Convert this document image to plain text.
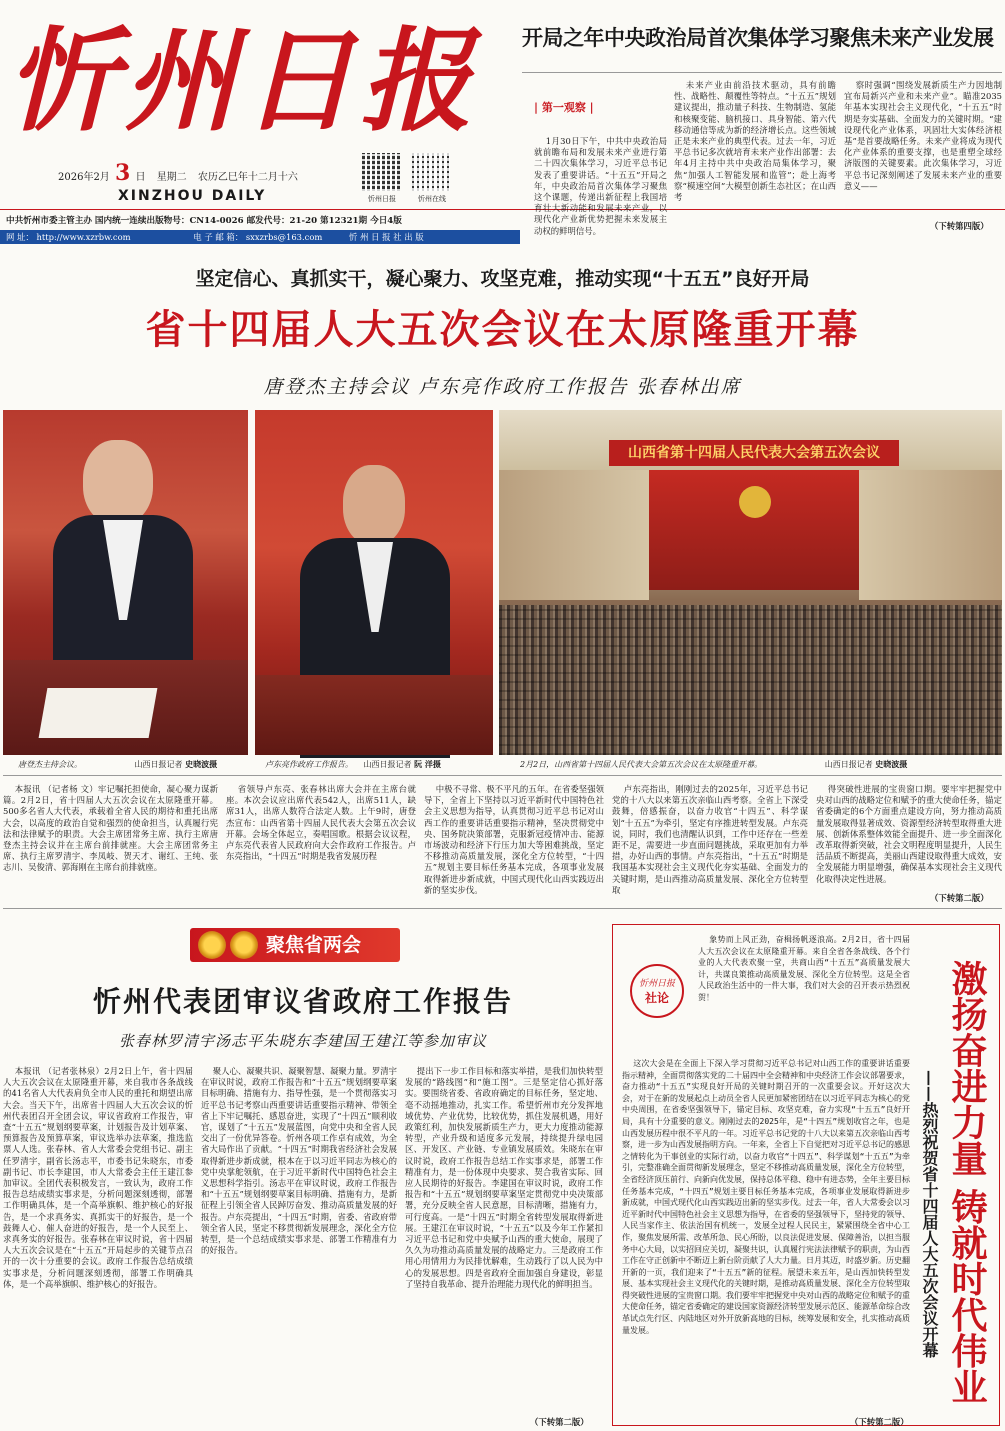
忻州日报
2026年2月 3 日 星期二 农历乙巳年十二月十六
XINZHOU DAILY	忻州日报	忻州在线
中共忻州市委主管主办 国内统一连续出版物号：CN14-0026 邮发代号：21-20 第12321期 今日4版
网 址： http://www.xzrbw.com	电 子 邮 箱： sxxzrbs@163.com	忻 州 日 报 社 出 版
开局之年中央政治局首次集体学习聚焦未来产业发展
| 第一观察 |

1月30日下午，中共中央政治局就前瞻布局和发展未来产业进行第二十四次集体学习，习近平总书记发表了重要讲话。“十五五”开局之年，中央政治局首次集体学习聚焦这个课题，传递出新征程上我国培育壮大新动能和发展未来产业，以现代化产业新优势把握未来发展主动权的鲜明信号。

未来产业由前沿技术驱动，具有前瞻性、战略性、颠覆性等特点。“十五五”规划建议提出，推动量子科技、生物制造、氢能和核聚变能、脑机接口、具身智能、第六代移动通信等成为新的经济增长点。这些领域正是未来产业的典型代表。过去一年，习近平总书记多次就培育未来产业作出部署：去年4月主持中共中央政治局集体学习，聚焦“加强人工智能发展和监管”；赴上海考察“模速空间”大模型创新生态社区；在山西考

察时强调“围绕发展新质生产力因地制宜布局新兴产业和未来产业”。瞄准2035年基本实现社会主义现代化，“十五五”时期是夯实基础、全面发力的关键时期。“建设现代化产业体系，巩固壮大实体经济根基”是首要战略任务。未来产业将成为现代化产业体系的重要支撑，也是重塑全球经济版图的关键要素。此次集体学习，习近平总书记深刻阐述了发展未来产业的重要意义——

（下转第四版）
坚定信心、真抓实干，凝心聚力、攻坚克难，推动实现“十五五”良好开局
省十四届人大五次会议在太原隆重开幕
唐登杰主持会议 卢东亮作政府工作报告 张春林出席
山西省第十四届人民代表大会第五次会议
唐登杰主持会议。	山西日报记者 史晓波摄	卢东亮作政府工作报告。 山西日报记者 阮 洋摄	2月2日，山西省第十四届人民代表大会第五次会议在太原隆重开幕。	山西日报记者 史晓波摄

本报讯 （记者杨 文）牢记嘱托担使命，凝心聚力谋新篇。2月2日，省十四届人大五次会议在太原隆重开幕。500多名省人大代表，承载着全省人民的期待和重托出席大会，以高度的政治自觉和强烈的使命担当，认真履行宪法和法律赋予的职责。大会主席团常务主席、执行主席唐登杰主持会议并在主席台前排就座。大会主席团常务主席、执行主席罗清宇、李凤岐、贺天才、谢红、王纯、张志川、吴俊清、郭海刚在主席台前排就座。

省领导卢东亮、张春林出席大会并在主席台就座。本次会议应出席代表542人，出席511人，缺席31人，出席人数符合法定人数。上午9时，唐登杰宣布：山西省第十四届人民代表大会第五次会议开幕。会场全体起立，奏唱国歌。根据会议议程，卢东亮代表省人民政府向大会作政府工作报告。卢东亮指出，“十四五”时期是我省发展历程

中极不寻常、极不平凡的五年。在省委坚强领导下，全省上下坚持以习近平新时代中国特色社会主义思想为指导，认真贯彻习近平总书记对山西工作的重要讲话重要指示精神，坚决贯彻党中央、国务院决策部署，克服新冠疫情冲击、能源市场波动和经济下行压力加大等困难挑战，坚定不移推动高质量发展，深化全方位转型，“十四五”规划主要目标任务基本完成，各项事业发展取得新进步新成就，中国式现代化山西实践迈出新的坚实步伐。

卢东亮指出，刚刚过去的2025年，习近平总书记党的十八大以来第五次亲临山西考察。全省上下深受鼓舞，倍感振奋，以奋力收官“十四五”、科学谋划“十五五”为牵引，坚定有序推进转型发展。卢东亮说，同时，我们也清醒认识到，工作中还存在一些差距不足，需要进一步直面问题挑战，采取更加有力举措，办好山西的事情。卢东亮指出，“十五五”时期是我国基本实现社会主义现代化夯实基础、全面发力的关键时期，是山西推动高质量发展、深化全方位转型取

得突破性进展的宝贵窗口期。要牢牢把握党中央对山西的战略定位和赋予的重大使命任务，锚定省委确定的6个方面重点建设方向，努力推动高质量发展取得显著成效、资源型经济转型取得重大进展、创新体系整体效能全面提升、进一步全面深化改革取得新突破，社会文明程度明显提升，人民生活品质不断提高，美丽山西建设取得重大成效，安全发展能力明显增强，确保基本实现社会主义现代化取得决定性进展。

（下转第二版）
聚焦省两会
忻州代表团审议省政府工作报告
张春林罗清宇汤志平朱晓东李建国王建江等参加审议

本报讯 （记者张林泉）2月2日上午，省十四届人大五次会议在太原隆重开幕，来自我市各条战线的41名省人大代表肩负全市人民的重托和期望出席大会。当天下午，出席省十四届人大五次会议的忻州代表团召开全团会议，审议省政府工作报告，审查“十五五”规划纲要草案，计划报告及计划草案、预算报告及预算草案，审议选举办法草案，推选监票人人选。张春林、省人大常委会党组书记、副主任罗清宇，副省长汤志平，市委书记朱晓东，市委副书记、市长李建国，市人大常委会主任王建江参加审议。全团代表积极发言，一致认为，政府工作报告总结成绩实事求是，分析问题深刻透彻，部署工作明确具体，是一个高举旗帜、维护核心的好报告，是一个求真务实、真抓实干的好报告，是一个鼓舞人心、催人奋进的好报告，是一个人民至上、求真务实的好报告。张春林在审议时说，省十四届人大五次会议是在“十五五”开局起步的关键节点召开的一次十分重要的会议。政府工作报告总结成绩实事求是，分析问题深刻透彻，部署工作明确具体，是一个高举旗帜、维护核心的好报告。

聚人心、凝聚共识、凝聚智慧、凝聚力量。罗清宇在审议时说，政府工作报告和“十五五”规划纲要草案目标明确、措施有力、指导性强，是一个贯彻落实习近平总书记考察山西重要讲话重要指示精神、带领全省上下牢记嘱托、感恩奋进，实现了“十四五”顺利收官，谋划了“十五五”发展蓝图，向党中央和全省人民交出了一份优异答卷。忻州各项工作卓有成效，为全省大局作出了贡献。“十四五”时期我省经济社会发展取得新进步新成就，根本在于以习近平同志为核心的党中央掌舵领航，在于习近平新时代中国特色社会主义思想科学指引。汤志平在审议时说，政府工作报告和“十五五”规划纲要草案目标明确、措施有力，是新征程上引领全省人民踔厉奋发、推动高质量发展的好报告。卢东亮提出，“十四五”时期，省委、省政府带领全省人民，坚定不移贯彻新发展理念，深化全方位转型，是一个总结成绩实事求是、部署工作精准有力的好报告。

提出下一步工作目标和落实举措，是我们加快转型发展的“路线图”和“施工图”。三是坚定信心抓好落实。要围绕省委、省政府确定的目标任务，坚定地、毫不动摇地推动，扎实工作。希望忻州市充分发挥地域优势、产业优势，比较优势，抓住发展机遇，用好政策红利，加快发展新质生产力，更大力度推动能源转型，产业升级和适度多元发展，持续提升绿电园区、开发区、产业链、专业镇发展质效。朱晓东在审议时说，政府工作报告总结工作实事求是，部署工作精准有力，是一份体现中央要求、契合我省实际、回应人民期待的好报告。李建国在审议时说，政府工作报告和“十五五”规划纲要草案坚定贯彻党中央决策部署，充分反映全省人民意愿，目标清晰，措施有力，可行度高。一是“十四五”时期全省转型发展取得新进展。王建江在审议时说，“十五五”以及今年工作紧扣习近平总书记和党中央赋予山西的重大使命，展现了久久为功推动高质量发展的战略定力。三是政府工作用心用情用力为民排忧解难，生动践行了以人民为中心的发展思想。四是省政府全面加强自身建设，彰显了坚持自我革命、提升治理能力现代化的鲜明担当。

（下转第二版）
忻州日报
社论

象势而上风正劲，奋楫扬帆逐浪高。2月2日，省十四届人大五次会议在太原隆重开幕。来自全省各条战线、各个行业的人大代表欢聚一堂，共商山西“十五五”高质量发展大计，共谋良策推动高质量发展、深化全方位转型。这是全省人民政治生活中的一件大事，我们对大会的召开表示热烈祝贺！

这次大会是在全面上下深入学习贯彻习近平总书记对山西工作的重要讲话重要指示精神，全面贯彻落实党的二十届四中全会精神和中央经济工作会议部署要求，奋力推动“十五五”实现良好开局的关键时期召开的一次重要会议。开好这次大会，对于在新的发展起点上动员全省人民更加紧密团结在以习近平同志为核心的党中央周围，在省委坚强领导下，锚定目标、攻坚克难，奋力实现“十五五”良好开局，具有十分重要的意义。刚刚过去的2025年，是“十四五”规划收官之年，也是山西发展历程中很不平凡的一年。习近平总书记党的十八大以来第五次亲临山西考察，进一步为山西发展指明方向。一年来，全省上下自觉把对习近平总书记的感恩之情转化为干事创业的实际行动，以奋力收官“十四五”、科学谋划“十五五”为牵引，完整准确全面贯彻新发展理念，坚定不移推动高质量发展，深化全方位转型，全省经济顶压前行、向新向优发展，保持总体平稳、稳中有进态势，全年主要目标任务基本完成，“十四五”规划主要目标任务基本完成，各项事业发展取得新进步新成就，中国式现代化山西实践迈出新的坚实步伐。过去一年，省人大常委会以习近平新时代中国特色社会主义思想为指导，在省委的坚强领导下，坚持党的领导、人民当家作主、依法治国有机统一，发展全过程人民民主，紧紧围绕全省中心工作，聚焦发展所需、改革所急、民心所盼，以良法促进发展、保障善治，以担当服务中心大局，以实招回应关切，凝聚共识，认真履行宪法法律赋予的职责，为山西工作在守正创新中不断迈上新台阶贡献了人大力量。日月其迈，时盛岁新。历史翻开新的一页，我们迎来了“十五五”新的征程。展望未来五年，是山西加快转型发展、基本实现社会主义现代化的关键时期，是推动高质量发展、深化全方位转型取得突破性进展的宝贵窗口期。我们要牢牢把握党中央对山西的战略定位和赋予的重大使命任务，锚定省委确定的建设国家资源经济转型发展示范区、能源革命综合改革试点先行区、内陆地区对外开放新高地的目标，统筹发展和安全，扎实推动高质量发展。

（下转第二版）
激扬奋进力量 铸就时代伟业
——热烈祝贺省十四届人大五次会议开幕
